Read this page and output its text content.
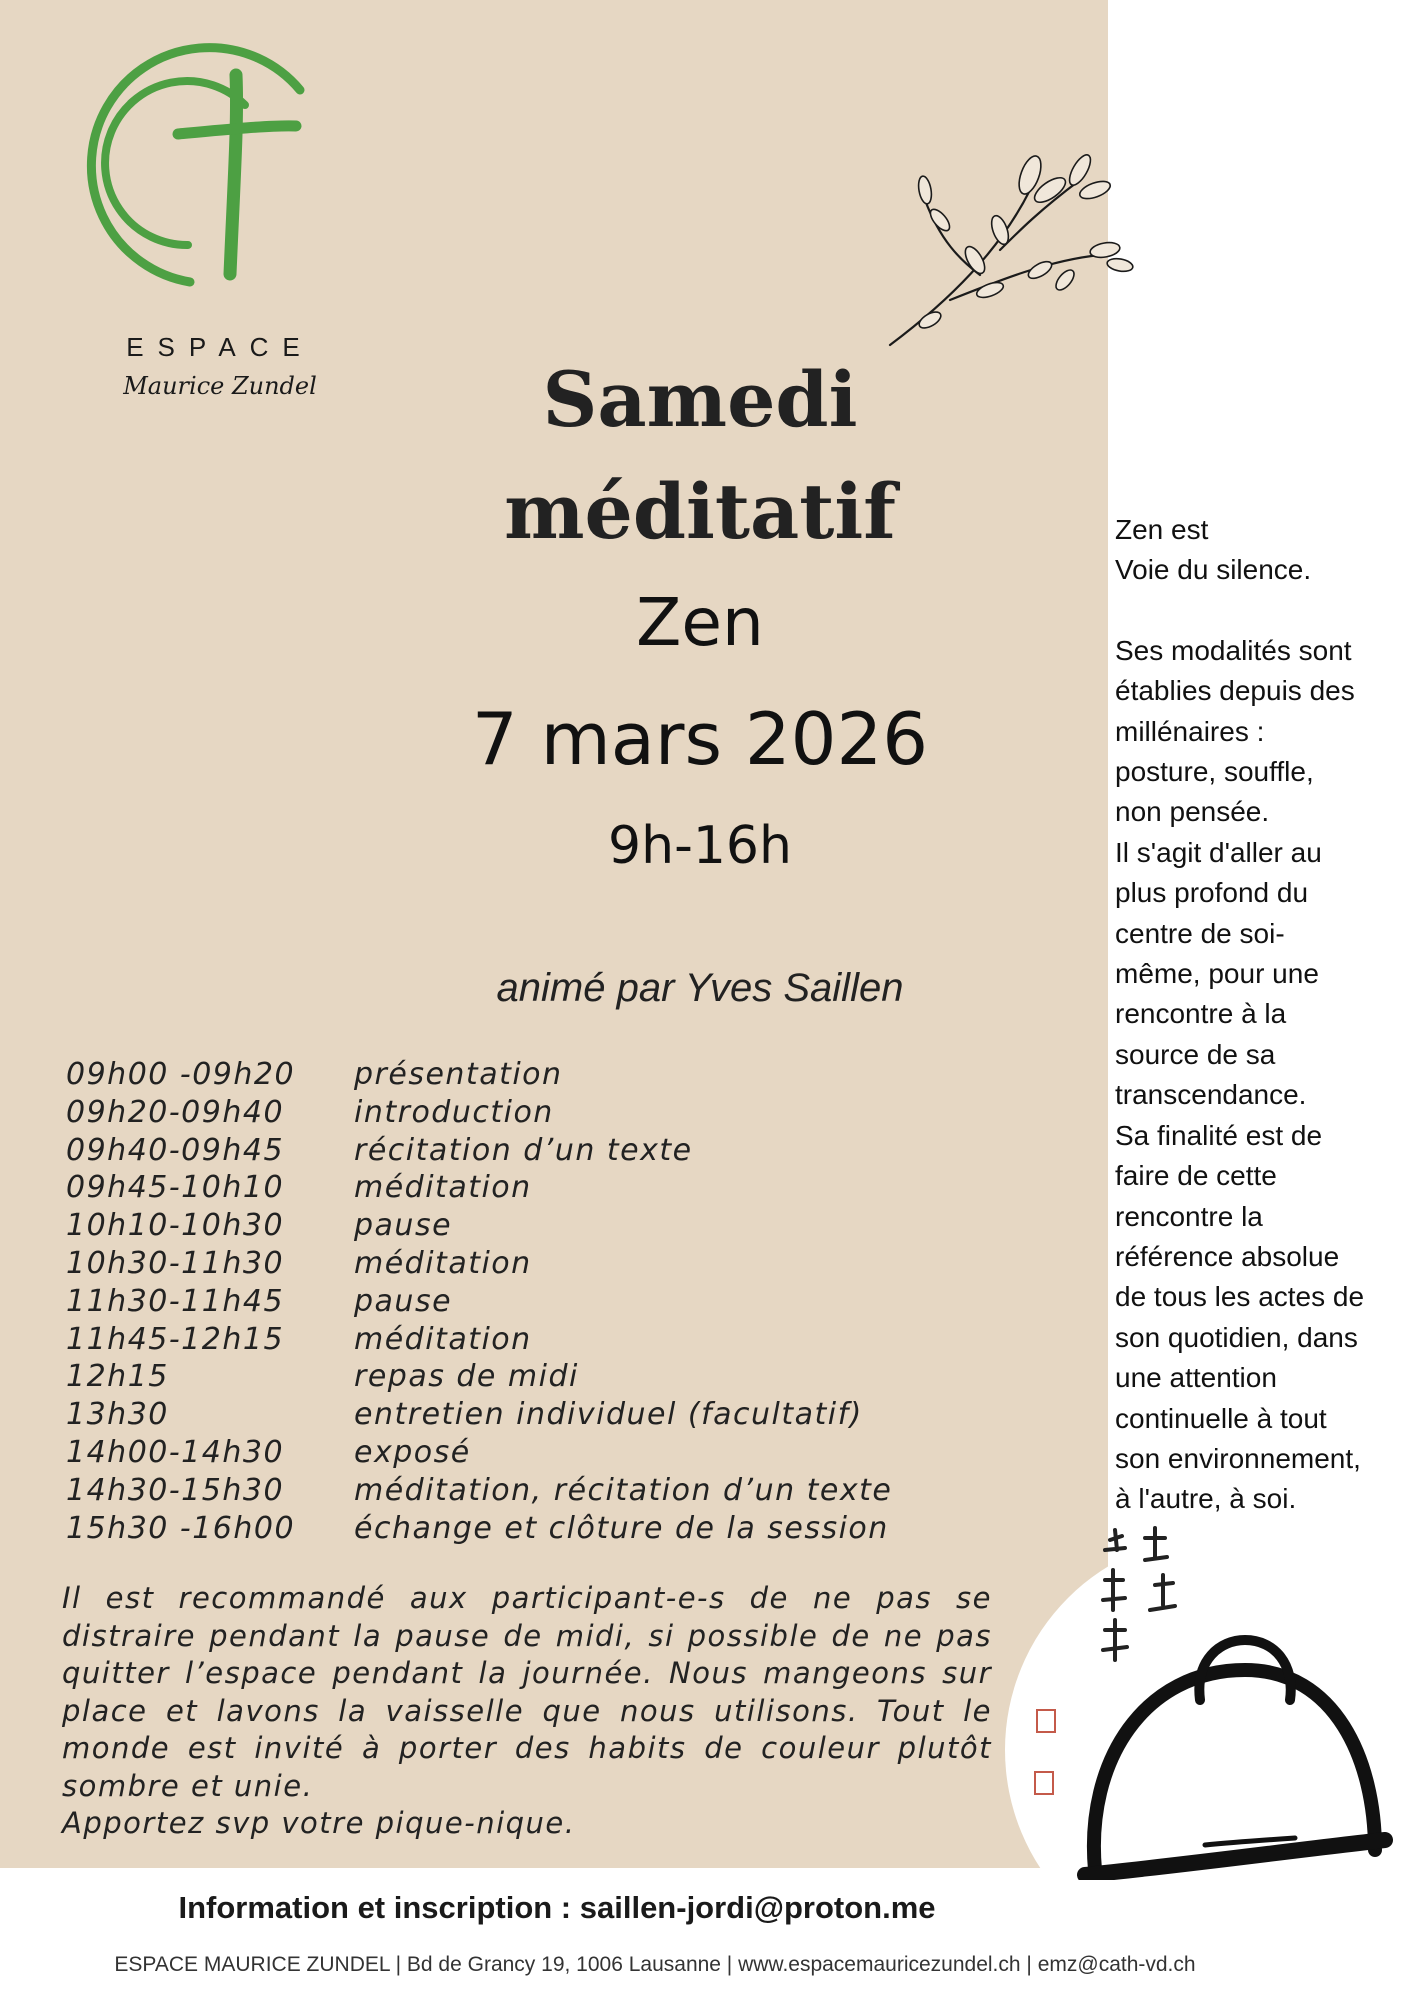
ESPACE
Maurice Zundel	Samedi
méditatif
Zen
7 mars 2026
9h-16h
animé par Yves Saillen
09h00 -09h20 présentation
09h20-09h40 introduction
09h40-09h45 récitation d’un texte
09h45-10h10 méditation
10h10-10h30 pause
10h30-11h30 méditation
11h30-11h45 pause
11h45-12h15 méditation
12h15	repas de midi
13h30	entretien individuel (facultatif)
14h00-14h30 exposé
14h30-15h30 méditation, récitation d’un texte
15h30 -16h00 échange et clôture de la session
Il est recommandé aux participant-e-s de ne pas se distraire pendant la pause de midi, si possible de ne pas quitter l’espace pendant la journée. Nous mangeons sur place et lavons la vaisselle que nous utilisons. Tout le monde est invité à porter des habits de couleur plutôt sombre et unie.
Apportez svp votre pique-nique.

Zen est

Voie du silence.

Ses modalités sont

établies depuis des

millénaires :

posture, souffle,

non pensée.

Il s'agit d'aller au

plus profond du

centre de soi-

même, pour une

rencontre à la

source de sa

transcendance.

Sa finalité est de

faire de cette

rencontre la

référence absolue

de tous les actes de

son quotidien, dans

une attention

continuelle à tout

son environnement,

à l'autre, à soi.

Information et inscription : saillen-jordi@proton.me
ESPACE MAURICE ZUNDEL | Bd de Grancy 19, 1006 Lausanne | www.espacemauricezundel.ch | emz@cath-vd.ch
